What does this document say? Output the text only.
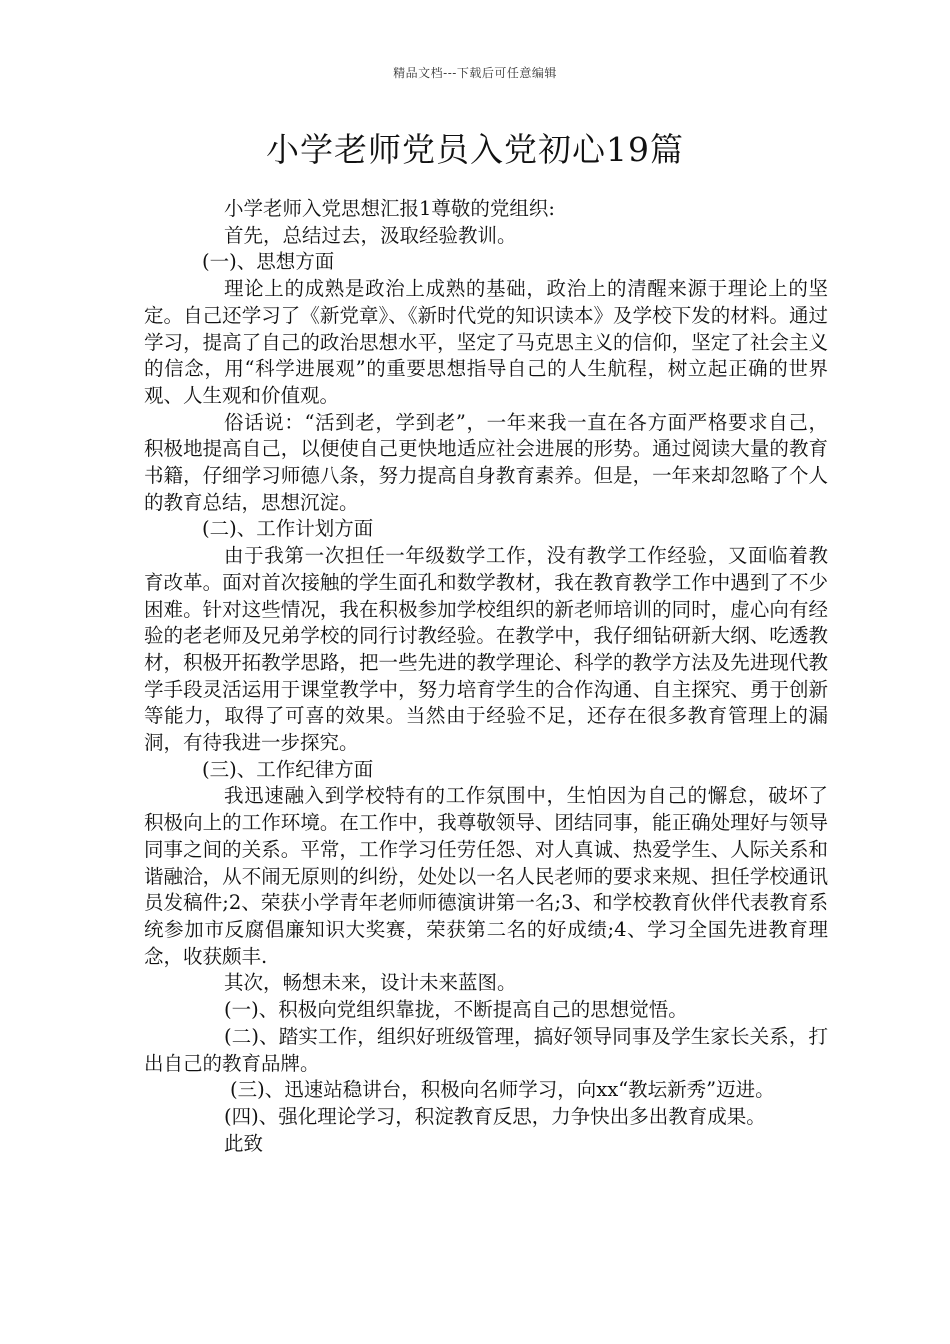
精品文档---下载后可任意编辑
小学老师党员入党初心19篇

小学老师入党思想汇报1尊敬的党组织:

首先，总结过去，汲取经验教训。

(一)、思想方面

理论上的成熟是政治上成熟的基础，政治上的清醒来源于理论上的坚定。自己还学习了《新党章》、《新时代党的知识读本》及学校下发的材料。通过学习，提高了自己的政治思想水平，坚定了马克思主义的信仰，坚定了社会主义的信念，用“科学进展观”的重要思想指导自己的人生航程，树立起正确的世界观、人生观和价值观。

俗话说：“活到老，学到老”，一年来我一直在各方面严格要求自己，积极地提高自己，以便使自己更快地适应社会进展的形势。通过阅读大量的教育书籍，仔细学习师德八条，努力提高自身教育素养。但是，一年来却忽略了个人的教育总结，思想沉淀。

(二)、工作计划方面

由于我第一次担任一年级数学工作，没有教学工作经验，又面临着教育改革。面对首次接触的学生面孔和数学教材，我在教育教学工作中遇到了不少困难。针对这些情况，我在积极参加学校组织的新老师培训的同时，虚心向有经验的老老师及兄弟学校的同行讨教经验。在教学中，我仔细钻研新大纲、吃透教材，积极开拓教学思路，把一些先进的教学理论、科学的教学方法及先进现代教学手段灵活运用于课堂教学中，努力培育学生的合作沟通、自主探究、勇于创新等能力，取得了可喜的效果。当然由于经验不足，还存在很多教育管理上的漏洞，有待我进一步探究。

(三)、工作纪律方面

我迅速融入到学校特有的工作氛围中，生怕因为自己的懈怠，破坏了积极向上的工作环境。在工作中，我尊敬领导、团结同事，能正确处理好与领导同事之间的关系。平常，工作学习任劳任怨、对人真诚、热爱学生、人际关系和谐融洽，从不闹无原则的纠纷，处处以一名人民老师的要求来规、担任学校通讯员发稿件;2、荣获小学青年老师师德演讲第一名;3、和学校教育伙伴代表教育系统参加市反腐倡廉知识大奖赛，荣获第二名的好成绩;4、学习全国先进教育理念，收获颇丰.

其次，畅想未来，设计未来蓝图。

(一)、积极向党组织靠拢，不断提高自己的思想觉悟。

(二)、踏实工作，组织好班级管理，搞好领导同事及学生家长关系，打出自己的教育品牌。

(三)、迅速站稳讲台，积极向名师学习，向xx“教坛新秀”迈进。

(四)、强化理论学习，积淀教育反思，力争快出多出教育成果。

此致
